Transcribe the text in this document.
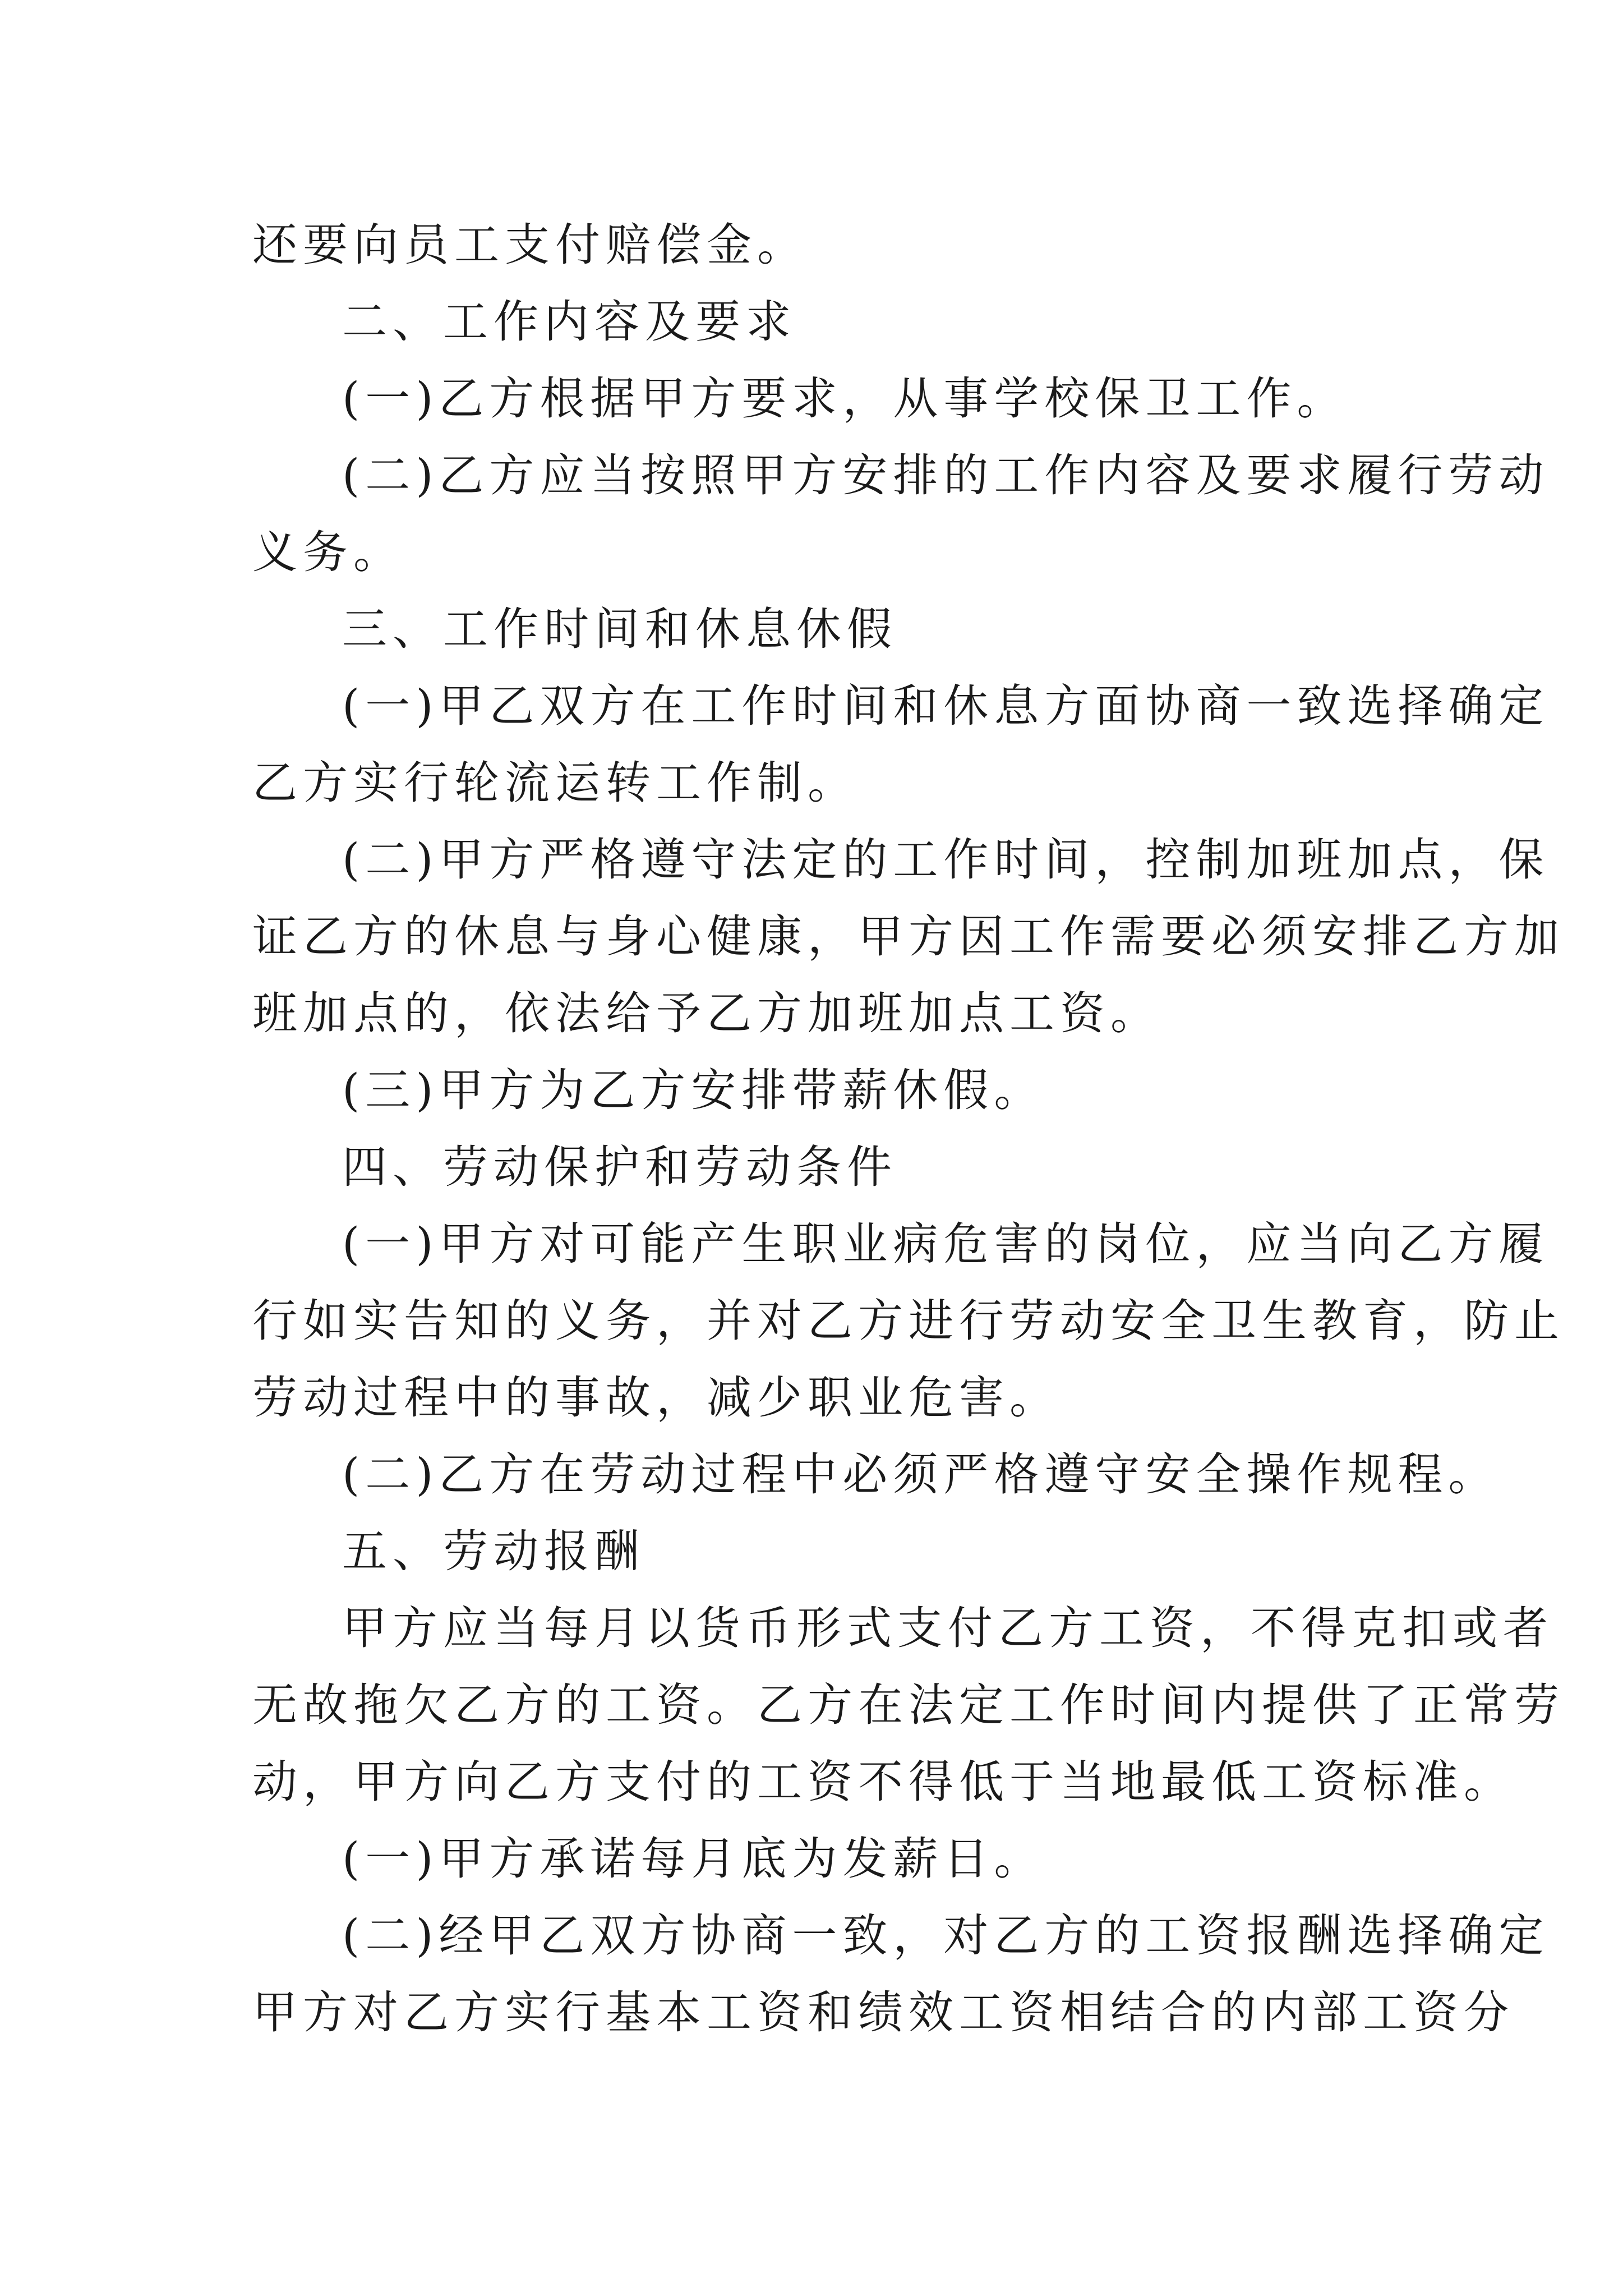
还要向员工支付赔偿金。
二、工作内容及要求
(一)乙方根据甲方要求，从事学校保卫工作。
(二)乙方应当按照甲方安排的工作内容及要求履行劳动
义务。
三、工作时间和休息休假
(一)甲乙双方在工作时间和休息方面协商一致选择确定
乙方实行轮流运转工作制。
(二)甲方严格遵守法定的工作时间，控制加班加点，保
证乙方的休息与身心健康，甲方因工作需要必须安排乙方加
班加点的，依法给予乙方加班加点工资。
(三)甲方为乙方安排带薪休假。
四、劳动保护和劳动条件
(一)甲方对可能产生职业病危害的岗位，应当向乙方履
行如实告知的义务，并对乙方进行劳动安全卫生教育，防止
劳动过程中的事故，减少职业危害。
(二)乙方在劳动过程中必须严格遵守安全操作规程。
五、劳动报酬
甲方应当每月以货币形式支付乙方工资，不得克扣或者
无故拖欠乙方的工资。乙方在法定工作时间内提供了正常劳
动，甲方向乙方支付的工资不得低于当地最低工资标准。
(一)甲方承诺每月底为发薪日。
(二)经甲乙双方协商一致，对乙方的工资报酬选择确定
甲方对乙方实行基本工资和绩效工资相结合的内部工资分
